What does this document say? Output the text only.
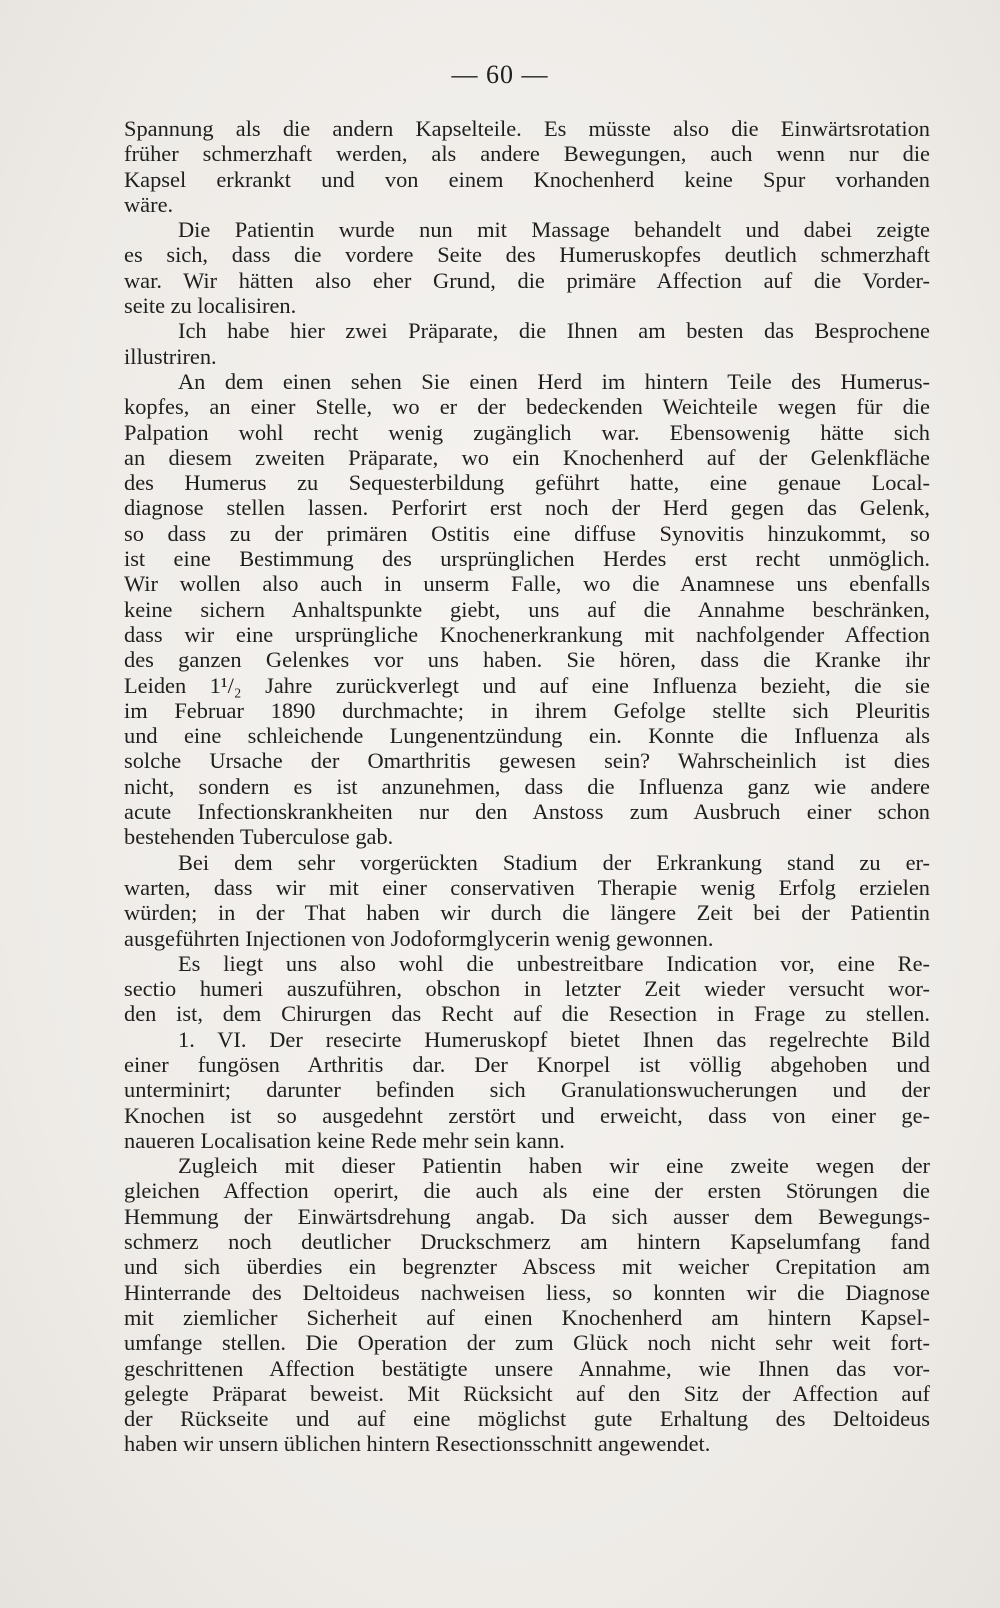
— 60 —
Spannung als die andern Kapselteile. Es müsste also die Einwärtsrotation
früher schmerzhaft werden, als andere Bewegungen, auch wenn nur die
Kapsel erkrankt und von einem Knochenherd keine Spur vorhanden
wäre.
Die Patientin wurde nun mit Massage behandelt und dabei zeigte
es sich, dass die vordere Seite des Humeruskopfes deutlich schmerzhaft
war. Wir hätten also eher Grund, die primäre Affection auf die Vorder-
seite zu localisiren.
Ich habe hier zwei Präparate, die Ihnen am besten das Besprochene
illustriren.
An dem einen sehen Sie einen Herd im hintern Teile des Humerus-
kopfes, an einer Stelle, wo er der bedeckenden Weichteile wegen für die
Palpation wohl recht wenig zugänglich war. Ebensowenig hätte sich
an diesem zweiten Präparate, wo ein Knochenherd auf der Gelenkfläche
des Humerus zu Sequesterbildung geführt hatte, eine genaue Local-
diagnose stellen lassen. Perforirt erst noch der Herd gegen das Gelenk,
so dass zu der primären Ostitis eine diffuse Synovitis hinzukommt, so
ist eine Bestimmung des ursprünglichen Herdes erst recht unmöglich.
Wir wollen also auch in unserm Falle, wo die Anamnese uns ebenfalls
keine sichern Anhaltspunkte giebt, uns auf die Annahme beschränken,
dass wir eine ursprüngliche Knochenerkrankung mit nachfolgender Affection
des ganzen Gelenkes vor uns haben. Sie hören, dass die Kranke ihr
Leiden 1¹/₂ Jahre zurückverlegt und auf eine Influenza bezieht, die sie
im Februar 1890 durchmachte; in ihrem Gefolge stellte sich Pleuritis
und eine schleichende Lungenentzündung ein. Konnte die Influenza als
solche Ursache der Omarthritis gewesen sein? Wahrscheinlich ist dies
nicht, sondern es ist anzunehmen, dass die Influenza ganz wie andere
acute Infectionskrankheiten nur den Anstoss zum Ausbruch einer schon
bestehenden Tuberculose gab.
Bei dem sehr vorgerückten Stadium der Erkrankung stand zu er-
warten, dass wir mit einer conservativen Therapie wenig Erfolg erzielen
würden; in der That haben wir durch die längere Zeit bei der Patientin
ausgeführten Injectionen von Jodoformglycerin wenig gewonnen.
Es liegt uns also wohl die unbestreitbare Indication vor, eine Re-
sectio humeri auszuführen, obschon in letzter Zeit wieder versucht wor-
den ist, dem Chirurgen das Recht auf die Resection in Frage zu stellen.
1. VI. Der resecirte Humeruskopf bietet Ihnen das regelrechte Bild
einer fungösen Arthritis dar. Der Knorpel ist völlig abgehoben und
unterminirt; darunter befinden sich Granulationswucherungen und der
Knochen ist so ausgedehnt zerstört und erweicht, dass von einer ge-
naueren Localisation keine Rede mehr sein kann.
Zugleich mit dieser Patientin haben wir eine zweite wegen der
gleichen Affection operirt, die auch als eine der ersten Störungen die
Hemmung der Einwärtsdrehung angab. Da sich ausser dem Bewegungs-
schmerz noch deutlicher Druckschmerz am hintern Kapselumfang fand
und sich überdies ein begrenzter Abscess mit weicher Crepitation am
Hinterrande des Deltoideus nachweisen liess, so konnten wir die Diagnose
mit ziemlicher Sicherheit auf einen Knochenherd am hintern Kapsel-
umfange stellen. Die Operation der zum Glück noch nicht sehr weit fort-
geschrittenen Affection bestätigte unsere Annahme, wie Ihnen das vor-
gelegte Präparat beweist. Mit Rücksicht auf den Sitz der Affection auf
der Rückseite und auf eine möglichst gute Erhaltung des Deltoideus
haben wir unsern üblichen hintern Resectionsschnitt angewendet.
